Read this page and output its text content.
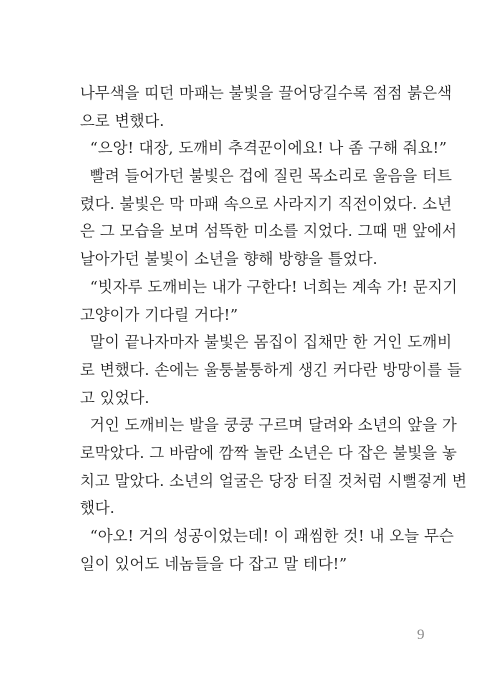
나무색을 띠던 마패는 불빛을 끌어당길수록 점점 붉은색
으로 변했다.
“으앙! 대장, 도깨비 추격꾼이에요! 나 좀 구해 줘요!”
빨려 들어가던 불빛은 겁에 질린 목소리로 울음을 터트
렸다. 불빛은 막 마패 속으로 사라지기 직전이었다. 소년
은 그 모습을 보며 섬뜩한 미소를 지었다. 그때 맨 앞에서
날아가던 불빛이 소년을 향해 방향을 틀었다.
“빗자루 도깨비는 내가 구한다! 너희는 계속 가! 문지기
고양이가 기다릴 거다!”
말이 끝나자마자 불빛은 몸집이 집채만 한 거인 도깨비
로 변했다. 손에는 울퉁불퉁하게 생긴 커다란 방망이를 들
고 있었다.
거인 도깨비는 발을 쿵쿵 구르며 달려와 소년의 앞을 가
로막았다. 그 바람에 깜짝 놀란 소년은 다 잡은 불빛을 놓
치고 말았다. 소년의 얼굴은 당장 터질 것처럼 시뻘겋게 변
했다.
“아오! 거의 성공이었는데! 이 괘씸한 것! 내 오늘 무슨
일이 있어도 네놈들을 다 잡고 말 테다!”
9
